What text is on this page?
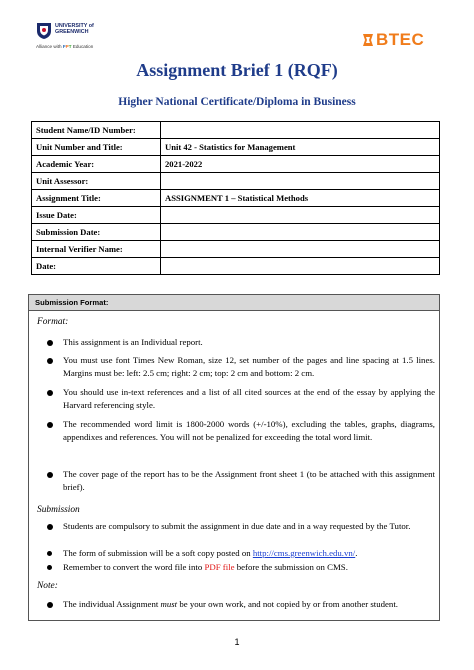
UNIVERSITY of
GREENWICH
Alliance with FPT Education	BTEC
Assignment Brief 1 (RQF)
Higher National Certificate/Diploma in Business
Student Name/ID Number:	
Unit Number and Title:	Unit 42 - Statistics for Management
Academic Year:	2021-2022
Unit Assessor:	
Assignment Title:	ASSIGNMENT 1 – Statistical Methods
Issue Date:	
Submission Date:	
Internal Verifier Name:	
Date:	
Submission Format:
Format:
This assignment is an Individual report.
You must use font Times New Roman, size 12, set number of the pages and line spacing at 1.5 lines. Margins must be: left: 2.5 cm; right: 2 cm; top: 2 cm and bottom: 2 cm.
You should use in-text references and a list of all cited sources at the end of the essay by applying the Harvard referencing style.
The recommended word limit is 1800-2000 words (+/-10%), excluding the tables, graphs, diagrams, appendixes and references. You will not be penalized for exceeding the total word limit.
The cover page of the report has to be the Assignment front sheet 1 (to be attached with this assignment brief).
Submission
Students are compulsory to submit the assignment in due date and in a way requested by the Tutor.
The form of submission will be a soft copy posted on http://cms.greenwich.edu.vn/.
Remember to convert the word file into PDF file before the submission on CMS.
Note:
The individual Assignment must be your own work, and not copied by or from another student.
1
